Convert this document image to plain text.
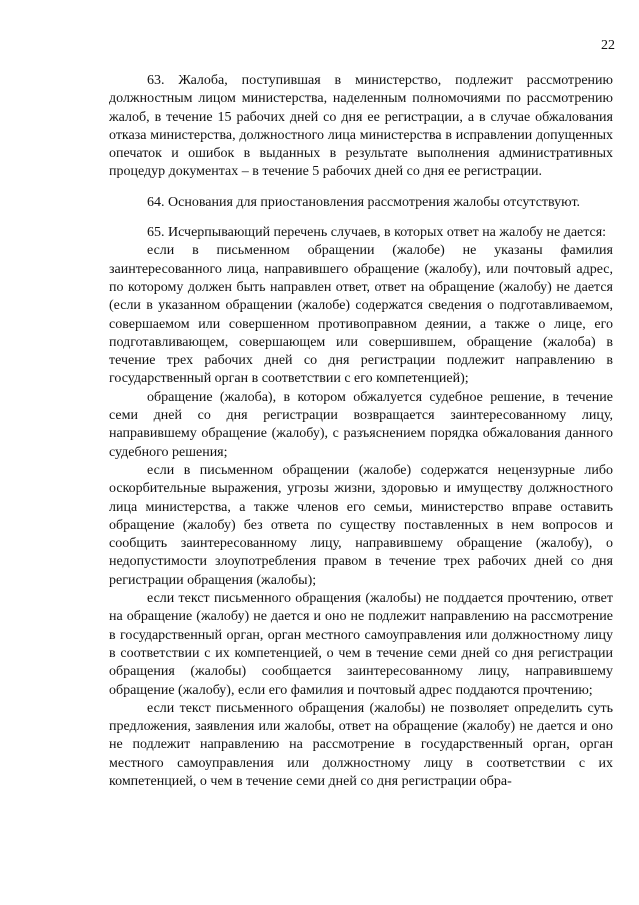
22

63. Жалоба, поступившая в министерство, подлежит рассмотрению должностным лицом министерства, наделенным полномочиями по рассмотрению жалоб, в течение 15 рабочих дней со дня ее регистрации, а в случае обжалования отказа министерства, должностного лица министерства в исправлении допущенных опечаток и ошибок в выданных в результате выполнения административных процедур документах – в течение 5 рабочих дней со дня ее регистрации.

64. Основания для приостановления рассмотрения жалобы отсутствуют.

65. Исчерпывающий перечень случаев, в которых ответ на жалобу не дается:

если в письменном обращении (жалобе) не указаны фамилия заинтересованного лица, направившего обращение (жалобу), или почтовый адрес, по которому должен быть направлен ответ, ответ на обращение (жалобу) не дается (если в указанном обращении (жалобе) содержатся сведения о подготавливаемом, совершаемом или совершенном противоправном деянии, а также о лице, его подготавливающем, совершающем или совершившем, обращение (жалоба) в течение трех рабочих дней со дня регистрации подлежит направлению в государственный орган в соответствии с его компетенцией);

обращение (жалоба), в котором обжалуется судебное решение, в течение семи дней со дня регистрации возвращается заинтересованному лицу, направившему обращение (жалобу), с разъяснением порядка обжалования данного судебного решения;

если в письменном обращении (жалобе) содержатся нецензурные либо оскорбительные выражения, угрозы жизни, здоровью и имуществу должностного лица министерства, а также членов его семьи, министерство вправе оставить обращение (жалобу) без ответа по существу поставленных в нем вопросов и сообщить заинтересованному лицу, направившему обращение (жалобу), о недопустимости злоупотребления правом в течение трех рабочих дней со дня регистрации обращения (жалобы);

если текст письменного обращения (жалобы) не поддается прочтению, ответ на обращение (жалобу) не дается и оно не подлежит направлению на рассмотрение в государственный орган, орган местного самоуправления или должностному лицу в соответствии с их компетенцией, о чем в течение семи дней со дня регистрации обращения (жалобы) сообщается заинтересованному лицу, направившему обращение (жалобу), если его фамилия и почтовый адрес поддаются прочтению;

если текст письменного обращения (жалобы) не позволяет определить суть предложения, заявления или жалобы, ответ на обращение (жалобу) не дается и оно не подлежит направлению на рассмотрение в государственный орган, орган местного самоуправления или должностному лицу в соответствии с их компетенцией, о чем в течение семи дней со дня регистрации обра-
